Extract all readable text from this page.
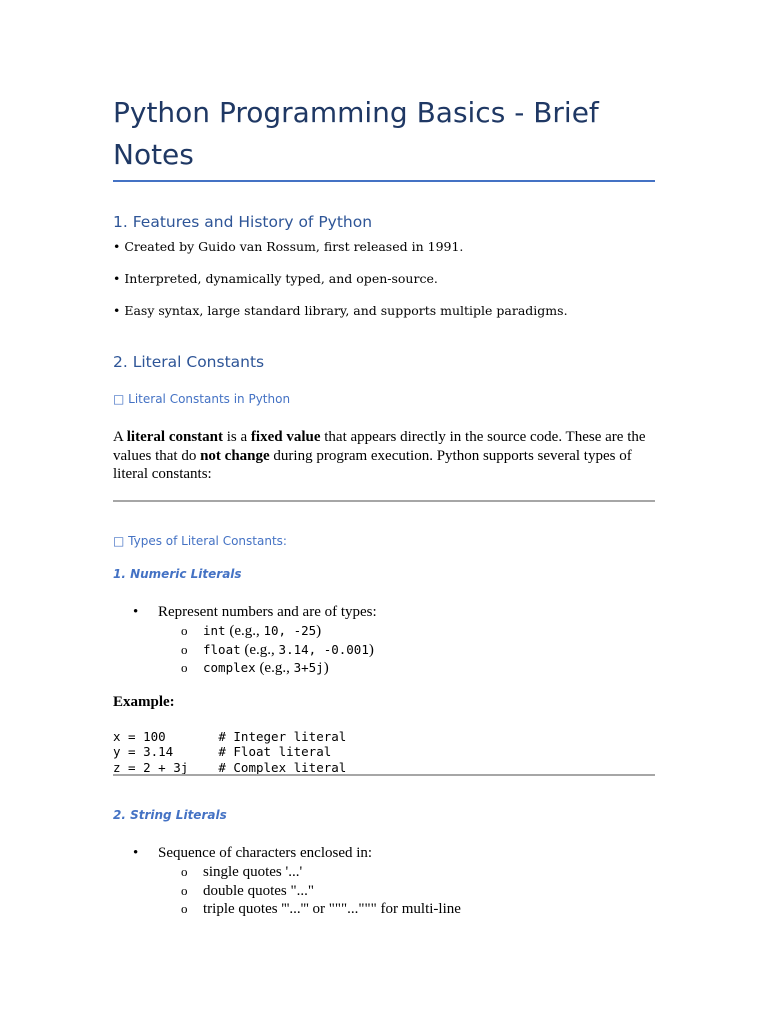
Python Programming Basics - Brief Notes
1. Features and History of Python

• Created by Guido van Rossum, first released in 1991.

• Interpreted, dynamically typed, and open-source.

• Easy syntax, large standard library, and supports multiple paradigms.

2. Literal Constants
□ Literal Constants in Python

A literal constant is a fixed value that appears directly in the source code. These are the values that do not change during program execution. Python supports several types of literal constants:

□ Types of Literal Constants:
1. Numeric Literals
• Represent numbers and are of types:
o int (e.g., 10, -25)
o float (e.g., 3.14, -0.001)
o complex (e.g., 3+5j)

Example:

x = 100       # Integer literal
y = 3.14      # Float literal
z = 2 + 3j    # Complex literal
2. String Literals
• Sequence of characters enclosed in:
o single quotes '...'
o double quotes "..."
o triple quotes '''...''' or """...""" for multi-line
